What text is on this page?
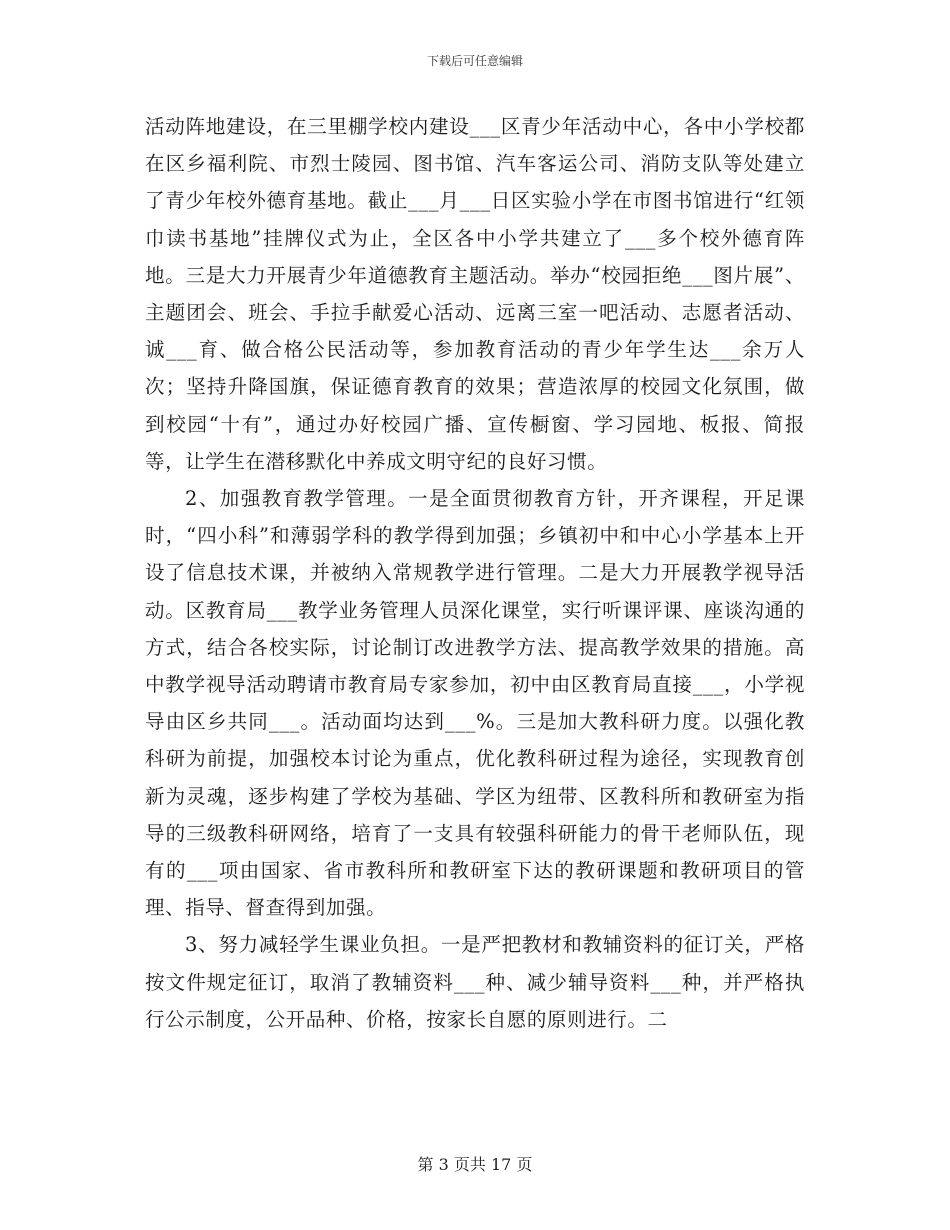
下载后可任意编辑

活动阵地建设，在三里棚学校内建设___区青少年活动中心，各中小学校都在区乡福利院、市烈士陵园、图书馆、汽车客运公司、消防支队等处建立了青少年校外德育基地。截止___月___日区实验小学在市图书馆进行“红领巾读书基地”挂牌仪式为止，全区各中小学共建立了___多个校外德育阵地。三是大力开展青少年道德教育主题活动。举办“校园拒绝___图片展”、主题团会、班会、手拉手献爱心活动、远离三室一吧活动、志愿者活动、诚___育、做合格公民活动等，参加教育活动的青少年学生达___余万人次；坚持升降国旗，保证德育教育的效果；营造浓厚的校园文化氛围，做到校园“十有”，通过办好校园广播、宣传橱窗、学习园地、板报、简报等，让学生在潜移默化中养成文明守纪的良好习惯。

2、加强教育教学管理。一是全面贯彻教育方针，开齐课程，开足课时，“四小科”和薄弱学科的教学得到加强；乡镇初中和中心小学基本上开设了信息技术课，并被纳入常规教学进行管理。二是大力开展教学视导活动。区教育局___教学业务管理人员深化课堂，实行听课评课、座谈沟通的方式，结合各校实际，讨论制订改进教学方法、提高教学效果的措施。高中教学视导活动聘请市教育局专家参加，初中由区教育局直接___，小学视导由区乡共同___。活动面均达到___%。三是加大教科研力度。以强化教科研为前提，加强校本讨论为重点，优化教科研过程为途径，实现教育创新为灵魂，逐步构建了学校为基础、学区为纽带、区教科所和教研室为指导的三级教科研网络，培育了一支具有较强科研能力的骨干老师队伍，现有的___项由国家、省市教科所和教研室下达的教研课题和教研项目的管理、指导、督查得到加强。

3、努力减轻学生课业负担。一是严把教材和教辅资料的征订关，严格按文件规定征订，取消了教辅资料___种、减少辅导资料___种，并严格执行公示制度，公开品种、价格，按家长自愿的原则进行。二

第 3 页共 17 页
